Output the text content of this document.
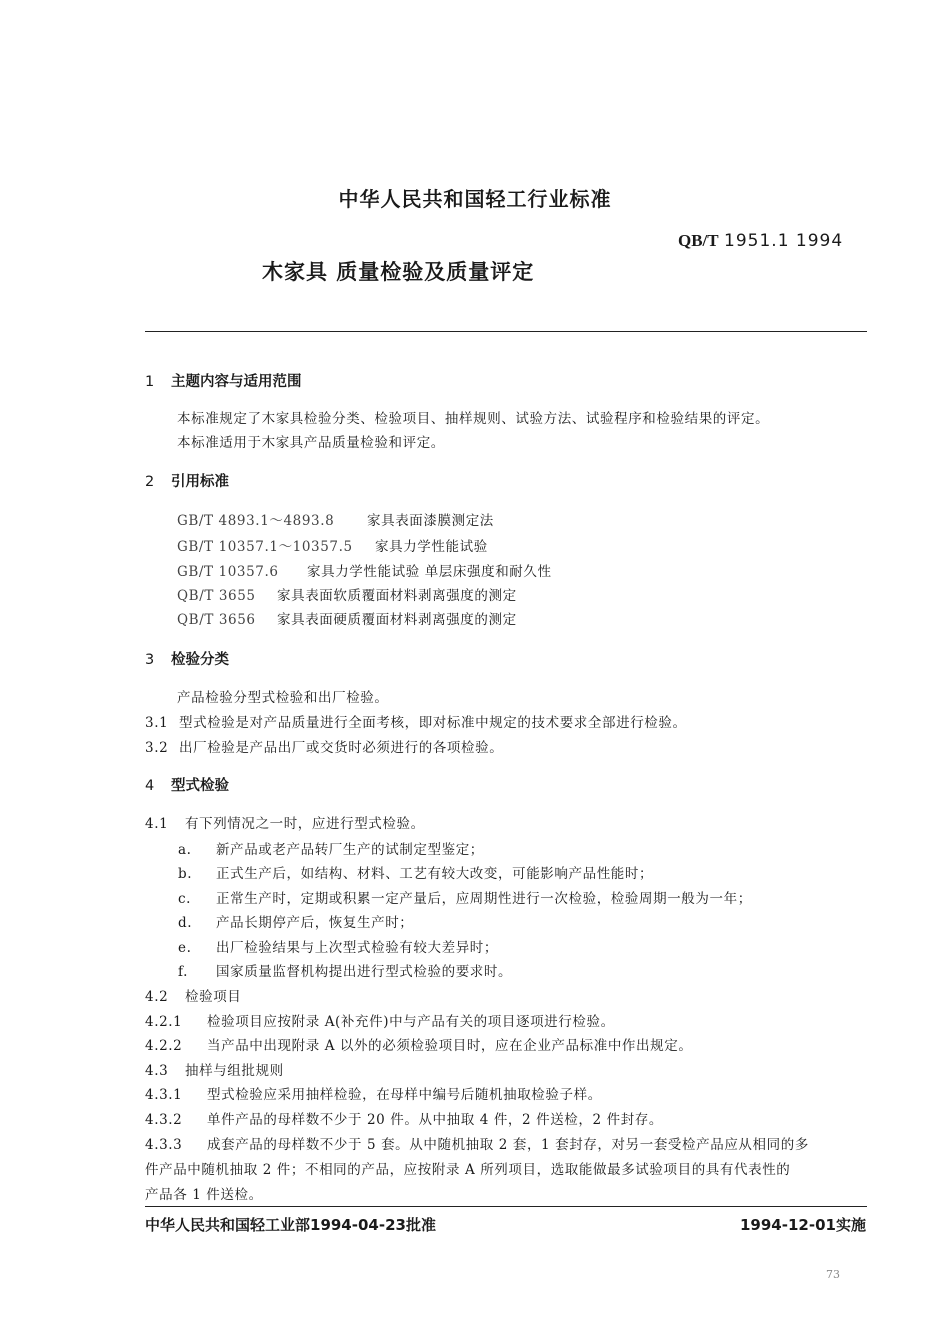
中华人民共和国轻工行业标准
QB/T 1951.1 1994
木家具 质量检验及质量评定
1 主题内容与适用范围
本标准规定了木家具检验分类、检验项目、抽样规则、试验方法、试验程序和检验结果的评定。
本标准适用于木家具产品质量检验和评定。
2 引用标准
GB/T 4893.1～4893.8 家具表面漆膜测定法
GB/T 10357.1～10357.5 家具力学性能试验
GB/T 10357.6 家具力学性能试验 单层床强度和耐久性
QB/T 3655 家具表面软质覆面材料剥离强度的测定
QB/T 3656 家具表面硬质覆面材料剥离强度的测定
3 检验分类
产品检验分型式检验和出厂检验。
3.1 型式检验是对产品质量进行全面考核，即对标准中规定的技术要求全部进行检验。
3.2 出厂检验是产品出厂或交货时必须进行的各项检验。
4 型式检验
4.1 有下列情况之一时，应进行型式检验。
a. 新产品或老产品转厂生产的试制定型鉴定；
b. 正式生产后，如结构、材料、工艺有较大改变，可能影响产品性能时；
c. 正常生产时，定期或积累一定产量后，应周期性进行一次检验，检验周期一般为一年；
d. 产品长期停产后，恢复生产时；
e. 出厂检验结果与上次型式检验有较大差异时；
f. 国家质量监督机构提出进行型式检验的要求时。
4.2 检验项目
4.2.1 检验项目应按附录 A(补充件)中与产品有关的项目逐项进行检验。
4.2.2 当产品中出现附录 A 以外的必须检验项目时，应在企业产品标准中作出规定。
4.3 抽样与组批规则
4.3.1 型式检验应采用抽样检验，在母样中编号后随机抽取检验子样。
4.3.2 单件产品的母样数不少于 20 件。从中抽取 4 件，2 件送检，2 件封存。
4.3.3 成套产品的母样数不少于 5 套。从中随机抽取 2 套，1 套封存，对另一套受检产品应从相同的多
件产品中随机抽取 2 件；不相同的产品，应按附录 A 所列项目，选取能做最多试验项目的具有代表性的
产品各 1 件送检。
中华人民共和国轻工业部1994-04-23批准	1994-12-01实施
73
